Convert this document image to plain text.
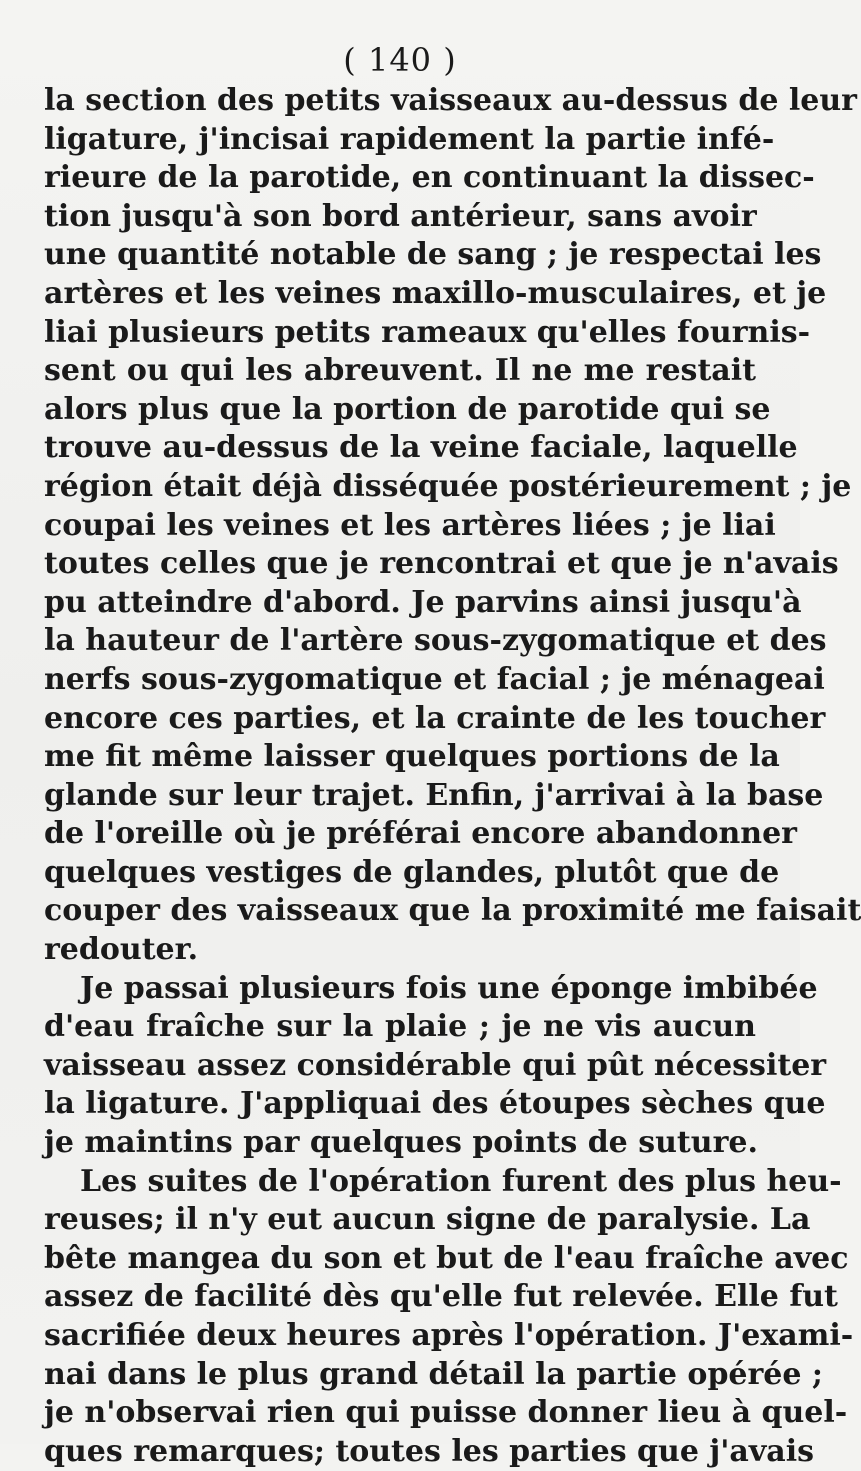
( 140 )
la section des petits vaisseaux au-dessus de leur
ligature, j'incisai rapidement la partie infé-
rieure de la parotide, en continuant la dissec-
tion jusqu'à son bord antérieur, sans avoir
une quantité notable de sang ; je respectai les
artères et les veines maxillo-musculaires, et je
liai plusieurs petits rameaux qu'elles fournis-
sent ou qui les abreuvent. Il ne me restait
alors plus que la portion de parotide qui se
trouve au-dessus de la veine faciale, laquelle
région était déjà disséquée postérieurement ; je
coupai les veines et les artères liées ; je liai
toutes celles que je rencontrai et que je n'avais
pu atteindre d'abord. Je parvins ainsi jusqu'à
la hauteur de l'artère sous-zygomatique et des
nerfs sous-zygomatique et facial ; je ménageai
encore ces parties, et la crainte de les toucher
me fit même laisser quelques portions de la
glande sur leur trajet. Enfin, j'arrivai à la base
de l'oreille où je préférai encore abandonner
quelques vestiges de glandes, plutôt que de
couper des vaisseaux que la proximité me faisait
redouter.
Je passai plusieurs fois une éponge imbibée
d'eau fraîche sur la plaie ; je ne vis aucun
vaisseau assez considérable qui pût nécessiter
la ligature. J'appliquai des étoupes sèches que
je maintins par quelques points de suture.
Les suites de l'opération furent des plus heu-
reuses; il n'y eut aucun signe de paralysie. La
bête mangea du son et but de l'eau fraîche avec
assez de facilité dès qu'elle fut relevée. Elle fut
sacrifiée deux heures après l'opération. J'exami-
nai dans le plus grand détail la partie opérée ;
je n'observai rien qui puisse donner lieu à quel-
ques remarques; toutes les parties que j'avais
